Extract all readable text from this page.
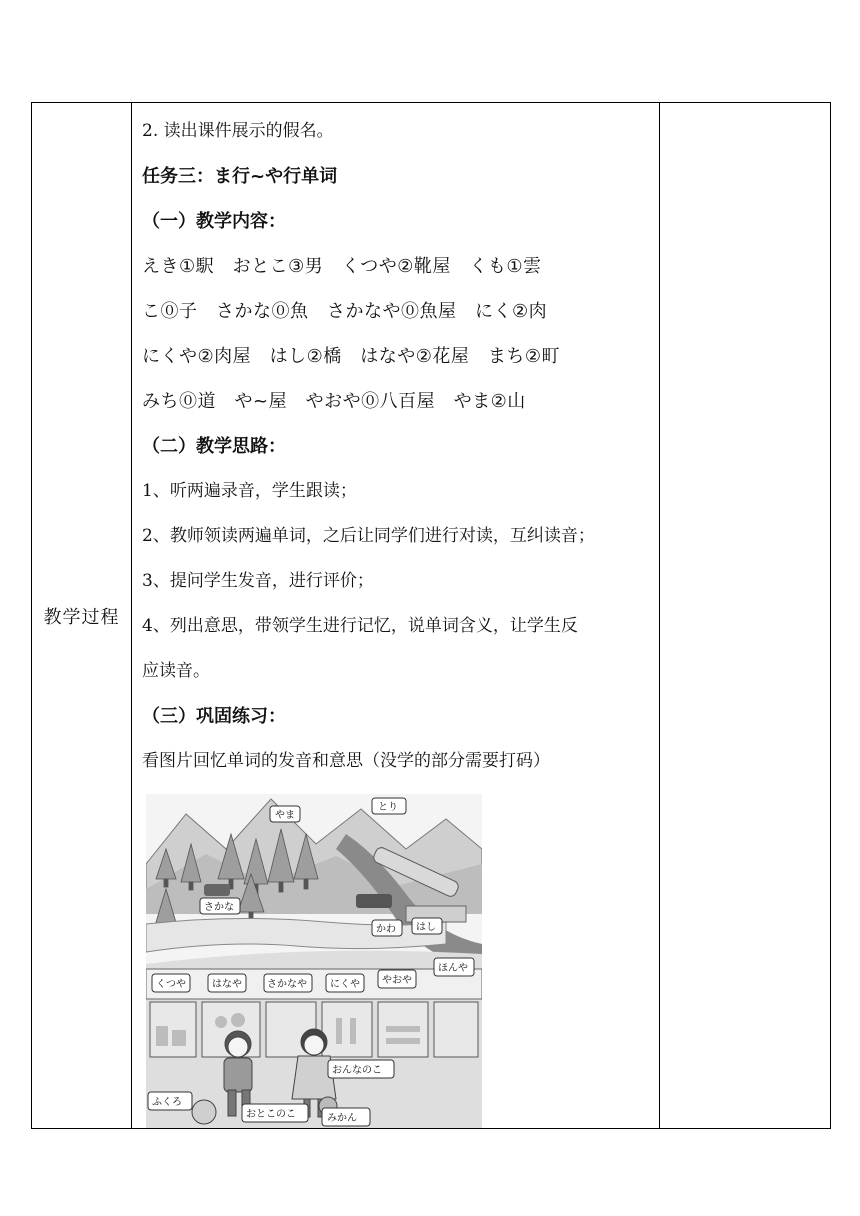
教学过程	
2. 读出课件展示的假名。
任务三：ま行~や行单词
（一）教学内容：
えき①駅　おとこ③男　くつや②靴屋　くも①雲
こ⓪子　さかな⓪魚　さかなや⓪魚屋　にく②肉
にくや②肉屋　はし②橋　はなや②花屋　まち②町
みち⓪道　や~屋　やおや⓪八百屋　やま②山
（二）教学思路：
1、听两遍录音，学生跟读；
2、教师领读两遍单词，之后让同学们进行对读，互纠读音；
3、提问学生发音，进行评价；
4、列出意思，带领学生进行记忆，说单词含义，让学生反
应读音。
（三）巩固练习：
看图片回忆单词的发音和意思（没学的部分需要打码）
やま
とり
さかな
かわ はし
くつや	はなや	さかなや にくや やおや
ほんや
おんなのこ
ふくろ
おとこのこ	みかん
